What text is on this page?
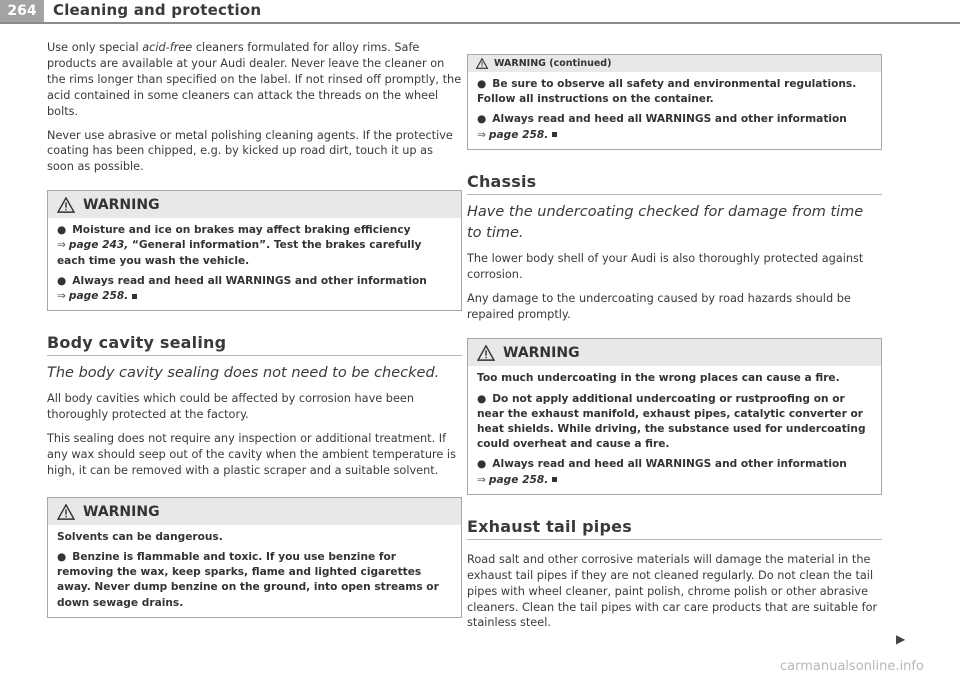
264	Cleaning and protection

Use only special acid-free cleaners formulated for alloy rims. Safe products are available at your Audi dealer. Never leave the cleaner on the rims longer than specified on the label. If not rinsed off promptly, the acid contained in some cleaners can attack the threads on the wheel bolts.

Never use abrasive or metal polishing cleaning agents. If the protective coating has been chipped, e.g. by kicked up road dirt, touch it up as soon as possible.

WARNING
● Moisture and ice on brakes may affect braking efficiency
⇒ page 243, “General information”. Test the brakes carefully each time you wash the vehicle.
● Always read and heed all WARNINGS and other information
⇒ page 258.
Body cavity sealing
The body cavity sealing does not need to be checked.

All body cavities which could be affected by corrosion have been thoroughly protected at the factory.

This sealing does not require any inspection or additional treatment. If any wax should seep out of the cavity when the ambient temperature is high, it can be removed with a plastic scraper and a suitable solvent.

WARNING
Solvents can be dangerous.
● Benzine is flammable and toxic. If you use benzine for removing the wax, keep sparks, flame and lighted cigarettes away. Never dump benzine on the ground, into open streams or down sewage drains.
WARNING (continued)
● Be sure to observe all safety and environmental regulations. Follow all instructions on the container.
● Always read and heed all WARNINGS and other information
⇒ page 258.
Chassis
Have the undercoating checked for damage from time to time.

The lower body shell of your Audi is also thoroughly protected against corrosion.

Any damage to the undercoating caused by road hazards should be repaired promptly.

WARNING
Too much undercoating in the wrong places can cause a fire.
● Do not apply additional undercoating or rustproofing on or near the exhaust manifold, exhaust pipes, catalytic converter or heat shields. While driving, the substance used for undercoating could overheat and cause a fire.
● Always read and heed all WARNINGS and other information
⇒ page 258.
Exhaust tail pipes

Road salt and other corrosive materials will damage the material in the exhaust tail pipes if they are not cleaned regularly. Do not clean the tail pipes with wheel cleaner, paint polish, chrome polish or other abrasive cleaners. Clean the tail pipes with car care products that are suitable for stainless steel.

▶
carmanualsonline.info
